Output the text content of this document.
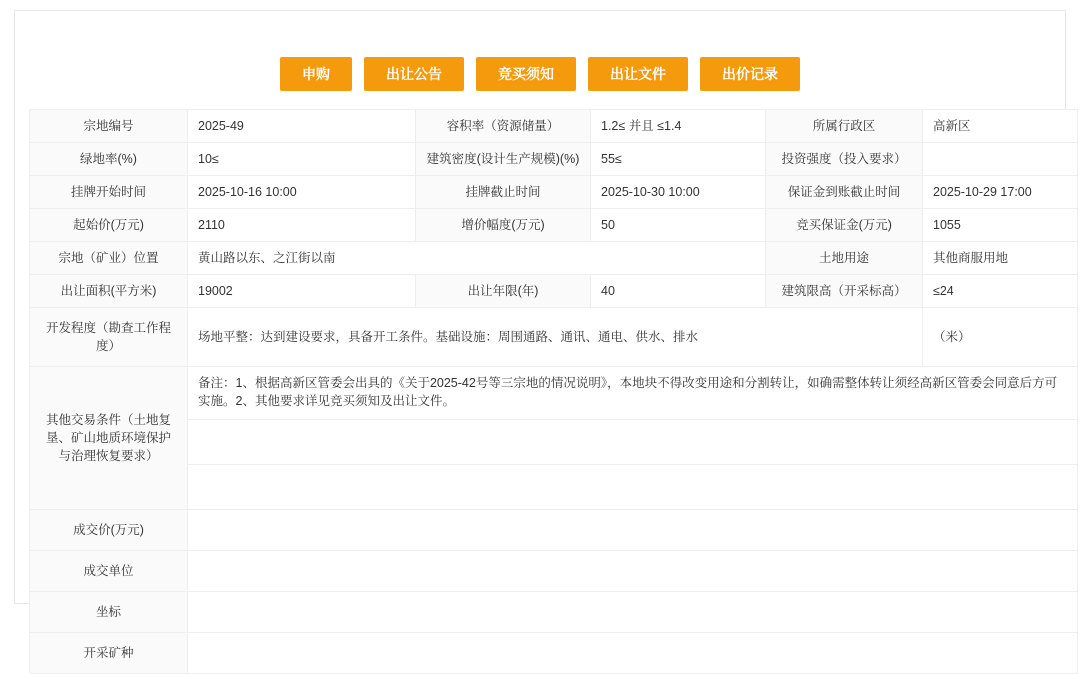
申购	出让公告	竞买须知	出让文件	出价记录
宗地编号	2025-49	容积率（资源储量）	1.2≤ 并且 ≤1.4	所属行政区	高新区
绿地率(%)	10≤	建筑密度(设计生产规模)(%)	55≤	投资强度（投入要求）	
挂牌开始时间	2025-10-16 10:00	挂牌截止时间	2025-10-30 10:00	保证金到账截止时间	2025-10-29 17:00
起始价(万元)	2110	增价幅度(万元)	50	竞买保证金(万元)	1055
宗地（矿业）位置	黄山路以东、之江街以南			土地用途	其他商服用地
出让面积(平方米)	19002	出让年限(年)	40	建筑限高（开采标高）	≤24
开发程度（勘查工作程度）	场地平整：达到建设要求，具备开工条件。基础设施：周围通路、通讯、通电、供水、排水				（米）
其他交易条件（土地复垦、矿山地质环境保护与治理恢复要求）	备注：1、根据高新区管委会出具的《关于2025-42号等三宗地的情况说明》，本地块不得改变用途和分割转让，如确需整体转让须经高新区管委会同意后方可实施。2、其他要求详见竞买须知及出让文件。				

成交价(万元)					
成交单位					
坐标					
开采矿种					
